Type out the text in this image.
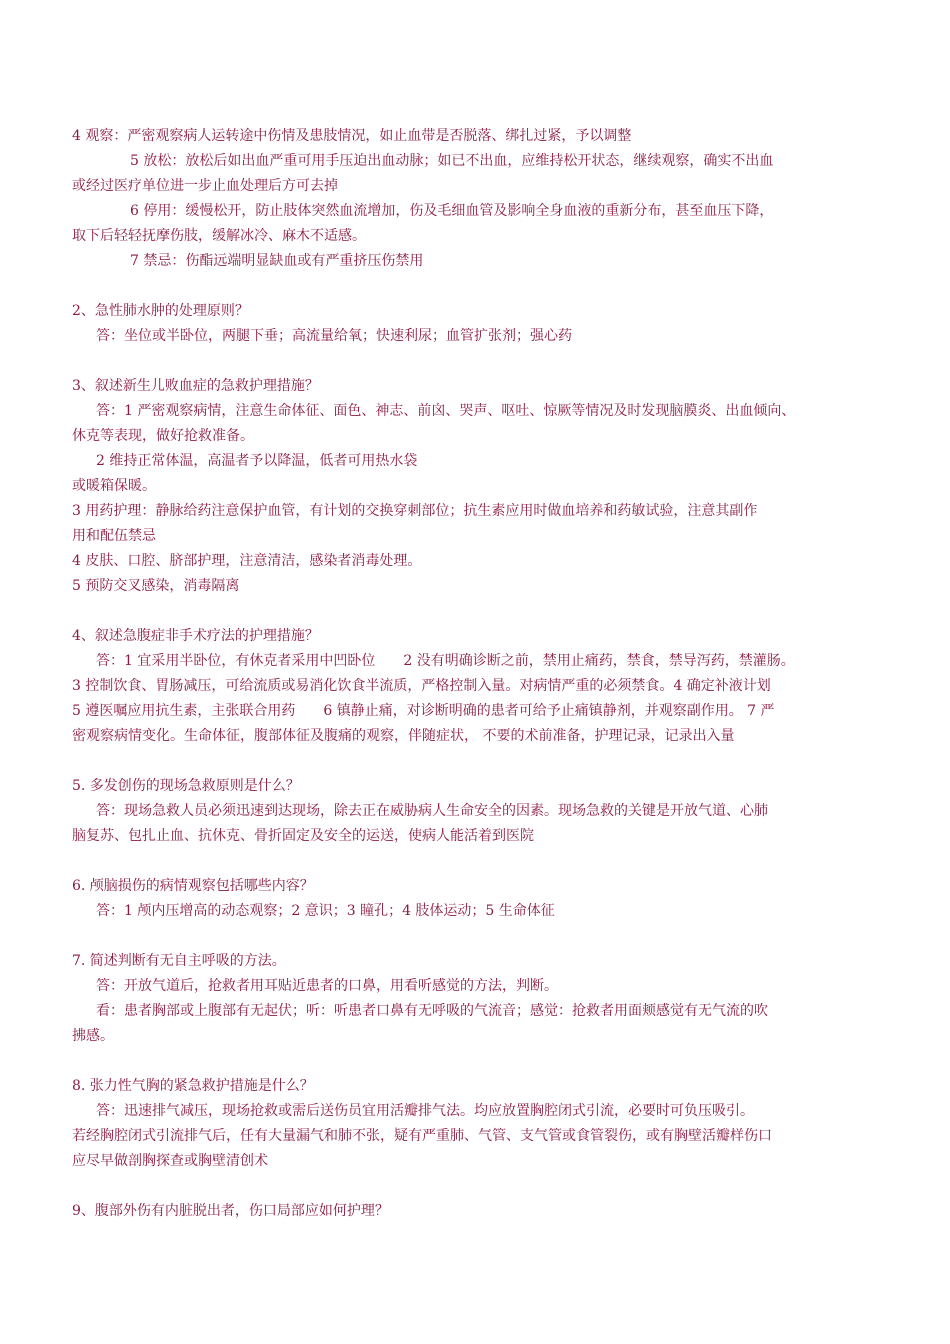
4 观察：严密观察病人运转途中伤情及患肢情况，如止血带是否脱落、绑扎过紧，予以调整
5 放松：放松后如出血严重可用手压迫出血动脉；如已不出血，应维持松开状态，继续观察，确实不出血
或经过医疗单位进一步止血处理后方可去掉
6 停用：缓慢松开，防止肢体突然血流增加，伤及毛细血管及影响全身血液的重新分布，甚至血压下降，
取下后轻轻抚摩伤肢，缓解冰冷、麻木不适感。
7 禁忌：伤酯远端明显缺血或有严重挤压伤禁用
2、急性肺水肿的处理原则？
答：坐位或半卧位，两腿下垂；高流量给氧；快速利尿；血管扩张剂；强心药
3、叙述新生儿败血症的急救护理措施？
答：1 严密观察病情，注意生命体征、面色、神志、前囟、哭声、呕吐、惊厥等情况及时发现脑膜炎、出血倾向、
休克等表现，做好抢救准备。
2 维持正常体温，高温者予以降温，低者可用热水袋
或暖箱保暖。
3 用药护理：静脉给药注意保护血管，有计划的交换穿刺部位；抗生素应用时做血培养和药敏试验，注意其副作
用和配伍禁忌
4 皮肤、口腔、脐部护理，注意清洁，感染者消毒处理。
5 预防交叉感染，消毒隔离
4、叙述急腹症非手术疗法的护理措施？
答：1 宜采用半卧位，有休克者采用中凹卧位　　2 没有明确诊断之前，禁用止痛药，禁食，禁导泻药，禁灌肠。
3 控制饮食、胃肠减压，可给流质或易消化饮食半流质，严格控制入量。对病情严重的必须禁食。4 确定补液计划
5 遵医嘱应用抗生素，主张联合用药　　6 镇静止痛，对诊断明确的患者可给予止痛镇静剂，并观察副作用。 7 严
密观察病情变化。生命体征，腹部体征及腹痛的观察，伴随症状， 不要的术前准备，护理记录，记录出入量
5. 多发创伤的现场急救原则是什么？
答：现场急救人员必须迅速到达现场，除去正在威胁病人生命安全的因素。现场急救的关键是开放气道、心肺
脑复苏、包扎止血、抗休克、骨折固定及安全的运送，使病人能活着到医院
6. 颅脑损伤的病情观察包括哪些内容？
答：1 颅内压增高的动态观察；2 意识；3 瞳孔；4 肢体运动；5 生命体征
7. 简述判断有无自主呼吸的方法。
答：开放气道后，抢救者用耳贴近患者的口鼻，用看听感觉的方法，判断。
看：患者胸部或上腹部有无起伏；听：听患者口鼻有无呼吸的气流音；感觉：抢救者用面颊感觉有无气流的吹
拂感。
8. 张力性气胸的紧急救护措施是什么？
答：迅速排气减压，现场抢救或需后送伤员宜用活瓣排气法。均应放置胸腔闭式引流，必要时可负压吸引。
若经胸腔闭式引流排气后，任有大量漏气和肺不张，疑有严重肺、气管、支气管或食管裂伤，或有胸壁活瓣样伤口
应尽早做剖胸探查或胸壁清创术
9、腹部外伤有内脏脱出者，伤口局部应如何护理？
